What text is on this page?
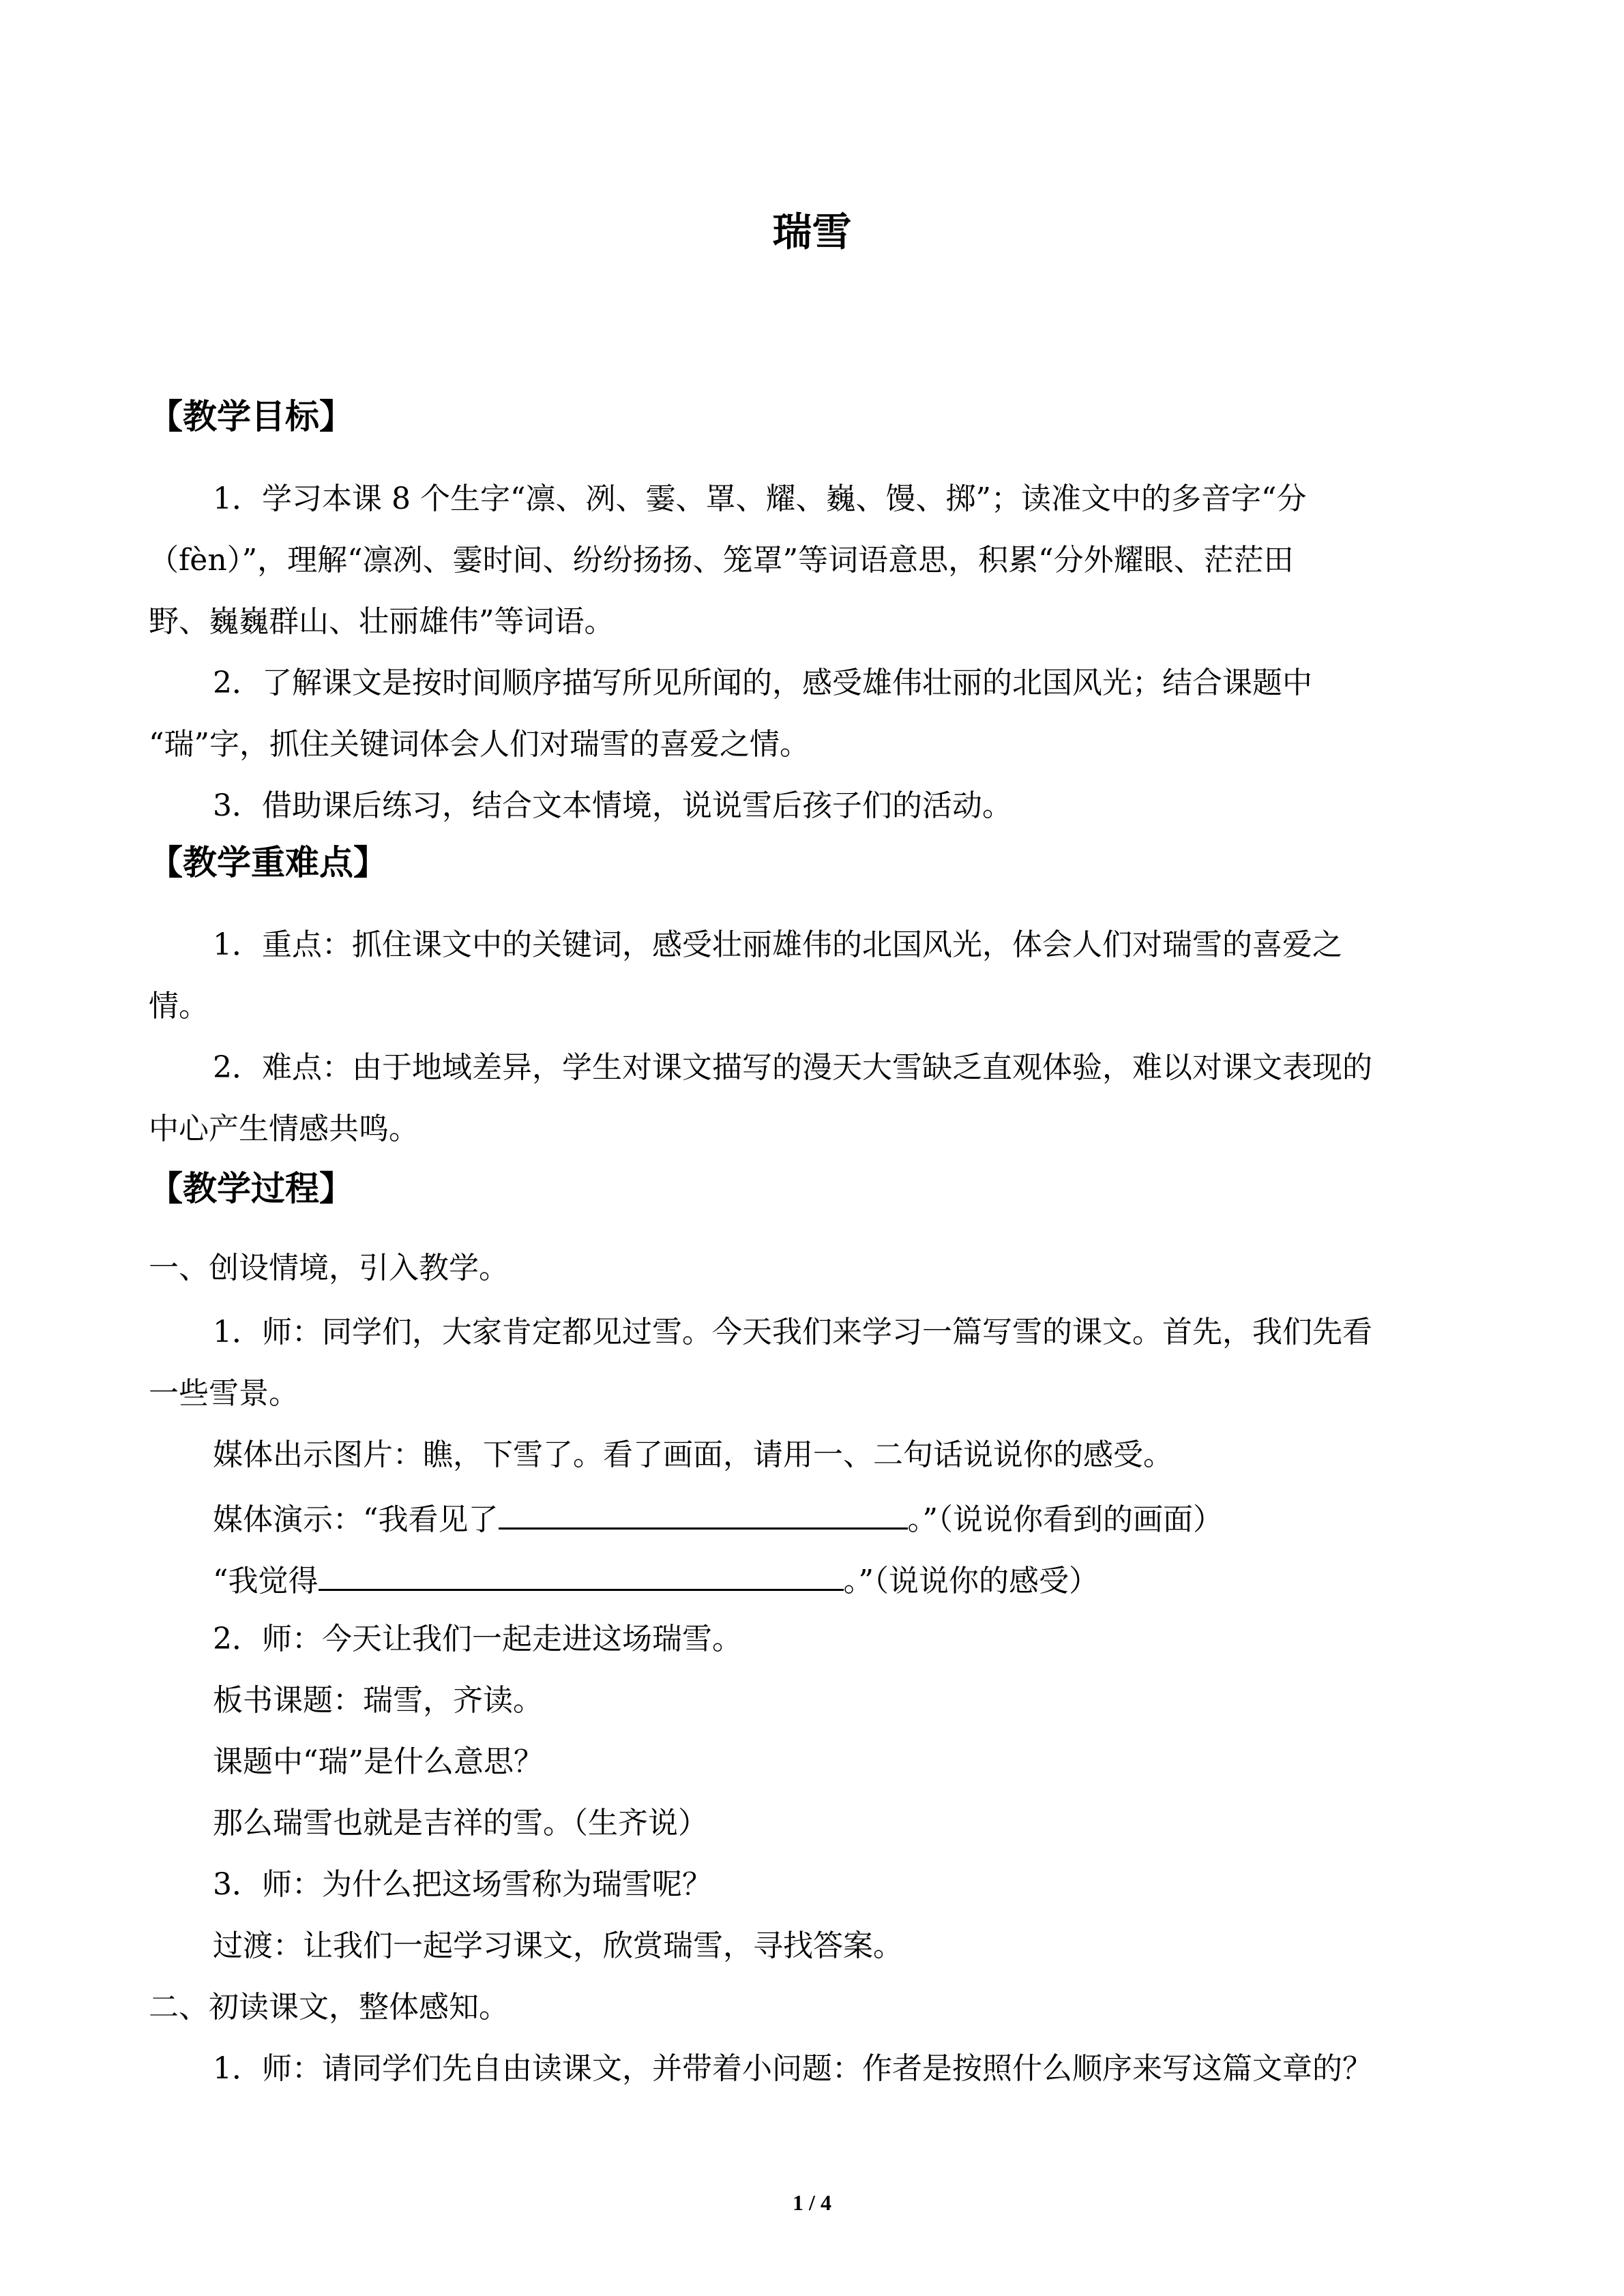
瑞雪
【教学目标】
1．学习本课 8 个生字“凛、冽、霎、罩、耀、巍、馒、掷”；读准文中的多音字“分
（fèn）”，理解“凛冽、霎时间、纷纷扬扬、笼罩”等词语意思，积累“分外耀眼、茫茫田
野、巍巍群山、壮丽雄伟”等词语。
2．了解课文是按时间顺序描写所见所闻的，感受雄伟壮丽的北国风光；结合课题中
“瑞”字，抓住关键词体会人们对瑞雪的喜爱之情。
3．借助课后练习，结合文本情境，说说雪后孩子们的活动。
【教学重难点】
1．重点：抓住课文中的关键词，感受壮丽雄伟的北国风光，体会人们对瑞雪的喜爱之
情。
2．难点：由于地域差异，学生对课文描写的漫天大雪缺乏直观体验，难以对课文表现的
中心产生情感共鸣。
【教学过程】
一、创设情境，引入教学。
1．师：同学们，大家肯定都见过雪。今天我们来学习一篇写雪的课文。首先，我们先看
一些雪景。
媒体出示图片：瞧，下雪了。看了画面，请用一、二句话说说你的感受。
媒体演示：“我看见了	。”（说说你看到的画面）
“我觉得	。”（说说你的感受）
2．师：今天让我们一起走进这场瑞雪。
板书课题：瑞雪，齐读。
课题中“瑞”是什么意思？
那么瑞雪也就是吉祥的雪。（生齐说）
3．师：为什么把这场雪称为瑞雪呢？
过渡：让我们一起学习课文，欣赏瑞雪，寻找答案。
二、初读课文，整体感知。
1．师：请同学们先自由读课文，并带着小问题：作者是按照什么顺序来写这篇文章的？
1 / 4
